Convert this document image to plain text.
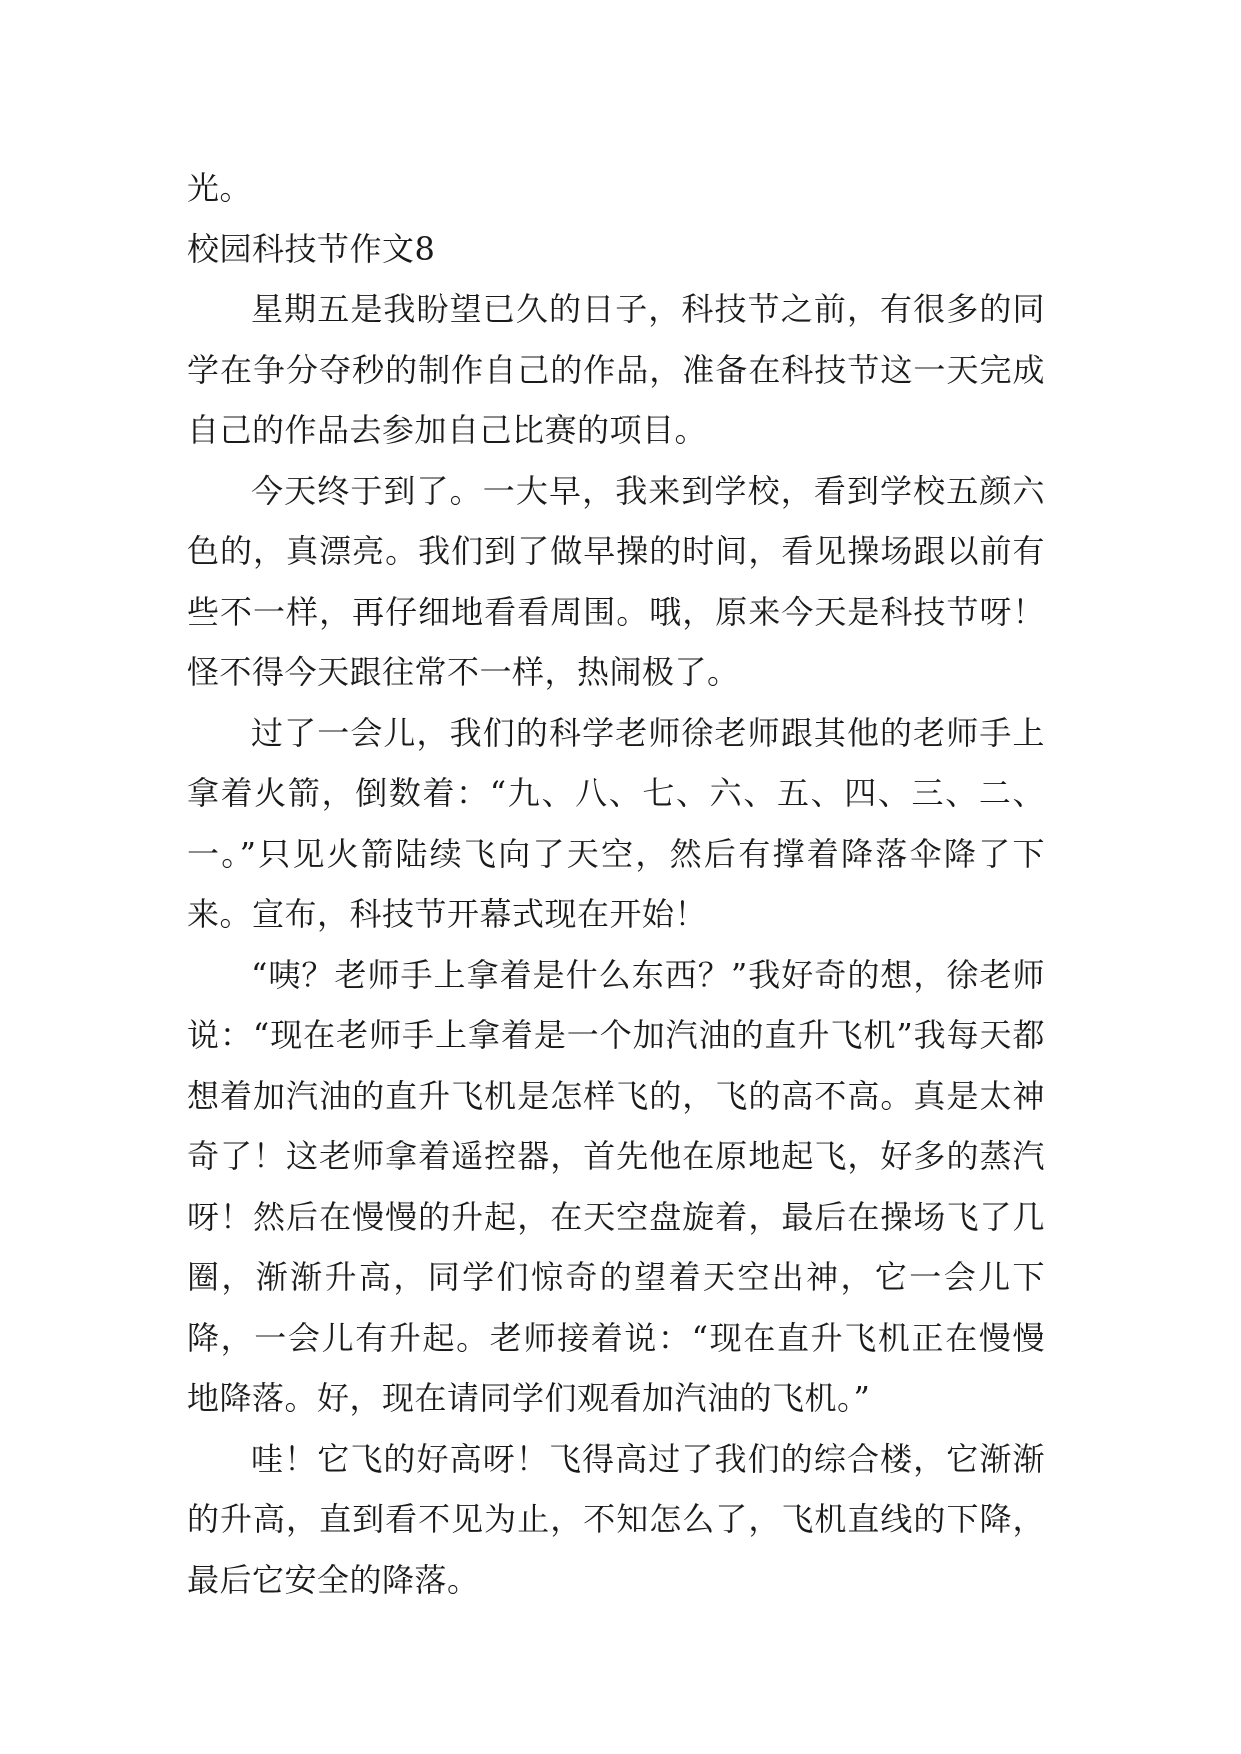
光。

校园科技节作文8

星期五是我盼望已久的日子，科技节之前，有很多的同学在争分夺秒的制作自己的作品，准备在科技节这一天完成自己的作品去参加自己比赛的项目。

今天终于到了。一大早，我来到学校，看到学校五颜六色的，真漂亮。我们到了做早操的时间，看见操场跟以前有些不一样，再仔细地看看周围。哦，原来今天是科技节呀！怪不得今天跟往常不一样，热闹极了。

过了一会儿，我们的科学老师徐老师跟其他的老师手上拿着火箭，倒数着：“九、八、七、六、五、四、三、二、一。”只见火箭陆续飞向了天空，然后有撑着降落伞降了下来。宣布，科技节开幕式现在开始！

“咦？老师手上拿着是什么东西？”我好奇的想，徐老师说：“现在老师手上拿着是一个加汽油的直升飞机”我每天都想着加汽油的直升飞机是怎样飞的，飞的高不高。真是太神奇了！这老师拿着遥控器，首先他在原地起飞，好多的蒸汽呀！然后在慢慢的升起，在天空盘旋着，最后在操场飞了几圈，渐渐升高，同学们惊奇的望着天空出神，它一会儿下降，一会儿有升起。老师接着说：“现在直升飞机正在慢慢地降落。好，现在请同学们观看加汽油的飞机。”

哇！它飞的好高呀！飞得高过了我们的综合楼，它渐渐的升高，直到看不见为止，不知怎么了，飞机直线的下降，最后它安全的降落。
